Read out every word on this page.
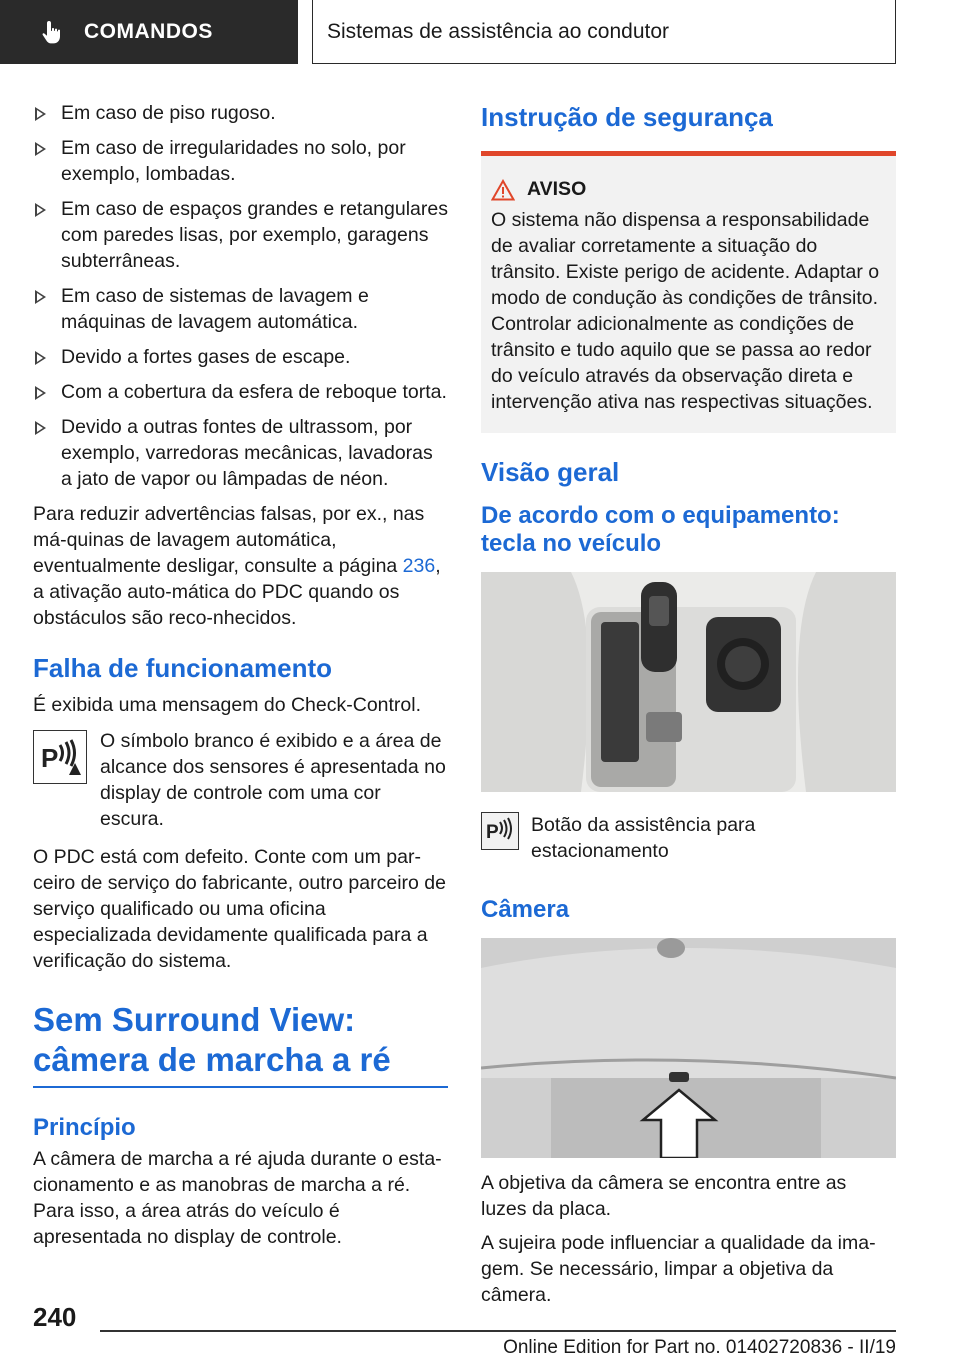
COMANDOS	Sistemas de assistência ao condutor
Em caso de piso rugoso.
Em caso de irregularidades no solo, por exemplo, lombadas.
Em caso de espaços grandes e retangulares com paredes lisas, por exemplo, garagens subterrâneas.
Em caso de sistemas de lavagem e máquinas de lavagem automática.
Devido a fortes gases de escape.
Com a cobertura da esfera de reboque torta.
Devido a outras fontes de ultrassom, por exemplo, varredoras mecânicas, lavadoras a jato de vapor ou lâmpadas de néon.

Para reduzir advertências falsas, por ex., nas má‐quinas de lavagem automática, eventualmente desligar, consulte a página 236, a ativação auto‐mática do PDC quando os obstáculos são reco‐nhecidos.

Falha de funcionamento

É exibida uma mensagem do Check-Control.

P

O símbolo branco é exibido e a área de alcance dos sensores é apresentada no display de controle com uma cor escura.

O PDC está com defeito. Conte com um par‐ceiro de serviço do fabricante, outro parceiro de serviço qualificado ou uma oficina especializada devidamente qualificada para a verificação do sistema.

Sem Surround View:
câmera de marcha a ré
Princípio

A câmera de marcha a ré ajuda durante o esta‐cionamento e as manobras de marcha a ré. Para isso, a área atrás do veículo é apresentada no display de controle.

Instrução de segurança
AVISO

O sistema não dispensa a responsabilidade de avaliar corretamente a situação do trânsito. Existe perigo de acidente. Adaptar o modo de condução às condições de trânsito. Controlar adicionalmente as condições de trânsito e tudo aquilo que se passa ao redor do veículo através da observação direta e intervenção ativa nas respectivas situações.

Visão geral
De acordo com o equipamento: tecla no veículo
P Botão da assistência para estacionamento

Câmera

A objetiva da câmera se encontra entre as luzes da placa.

A sujeira pode influenciar a qualidade da ima‐gem. Se necessário, limpar a objetiva da câmera.

240
Online Edition for Part no. 01402720836 - II/19
